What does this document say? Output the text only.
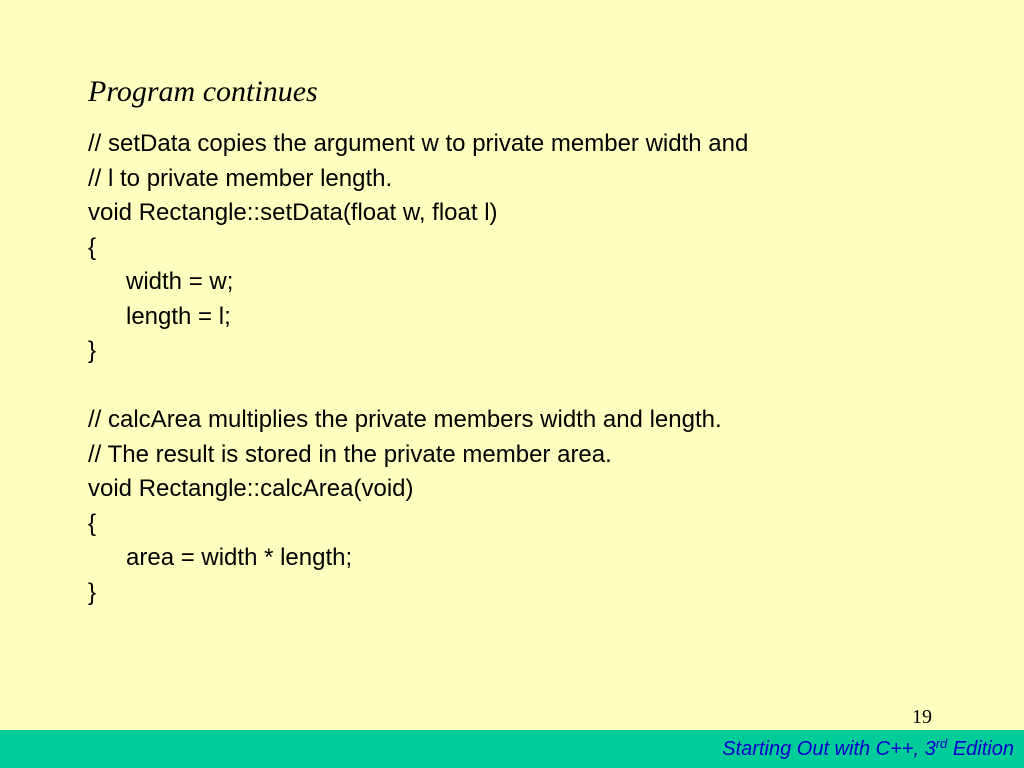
Program continues
// setData copies the argument w to private member width and
// l to private member length.
void Rectangle::setData(float w, float l)
{
width = w;
length = l;
}
// calcArea multiplies the private members width and length.
// The result is stored in the private member area.
void Rectangle::calcArea(void)
{
area = width * length;
}
19
Starting Out with C++, 3rd Edition
